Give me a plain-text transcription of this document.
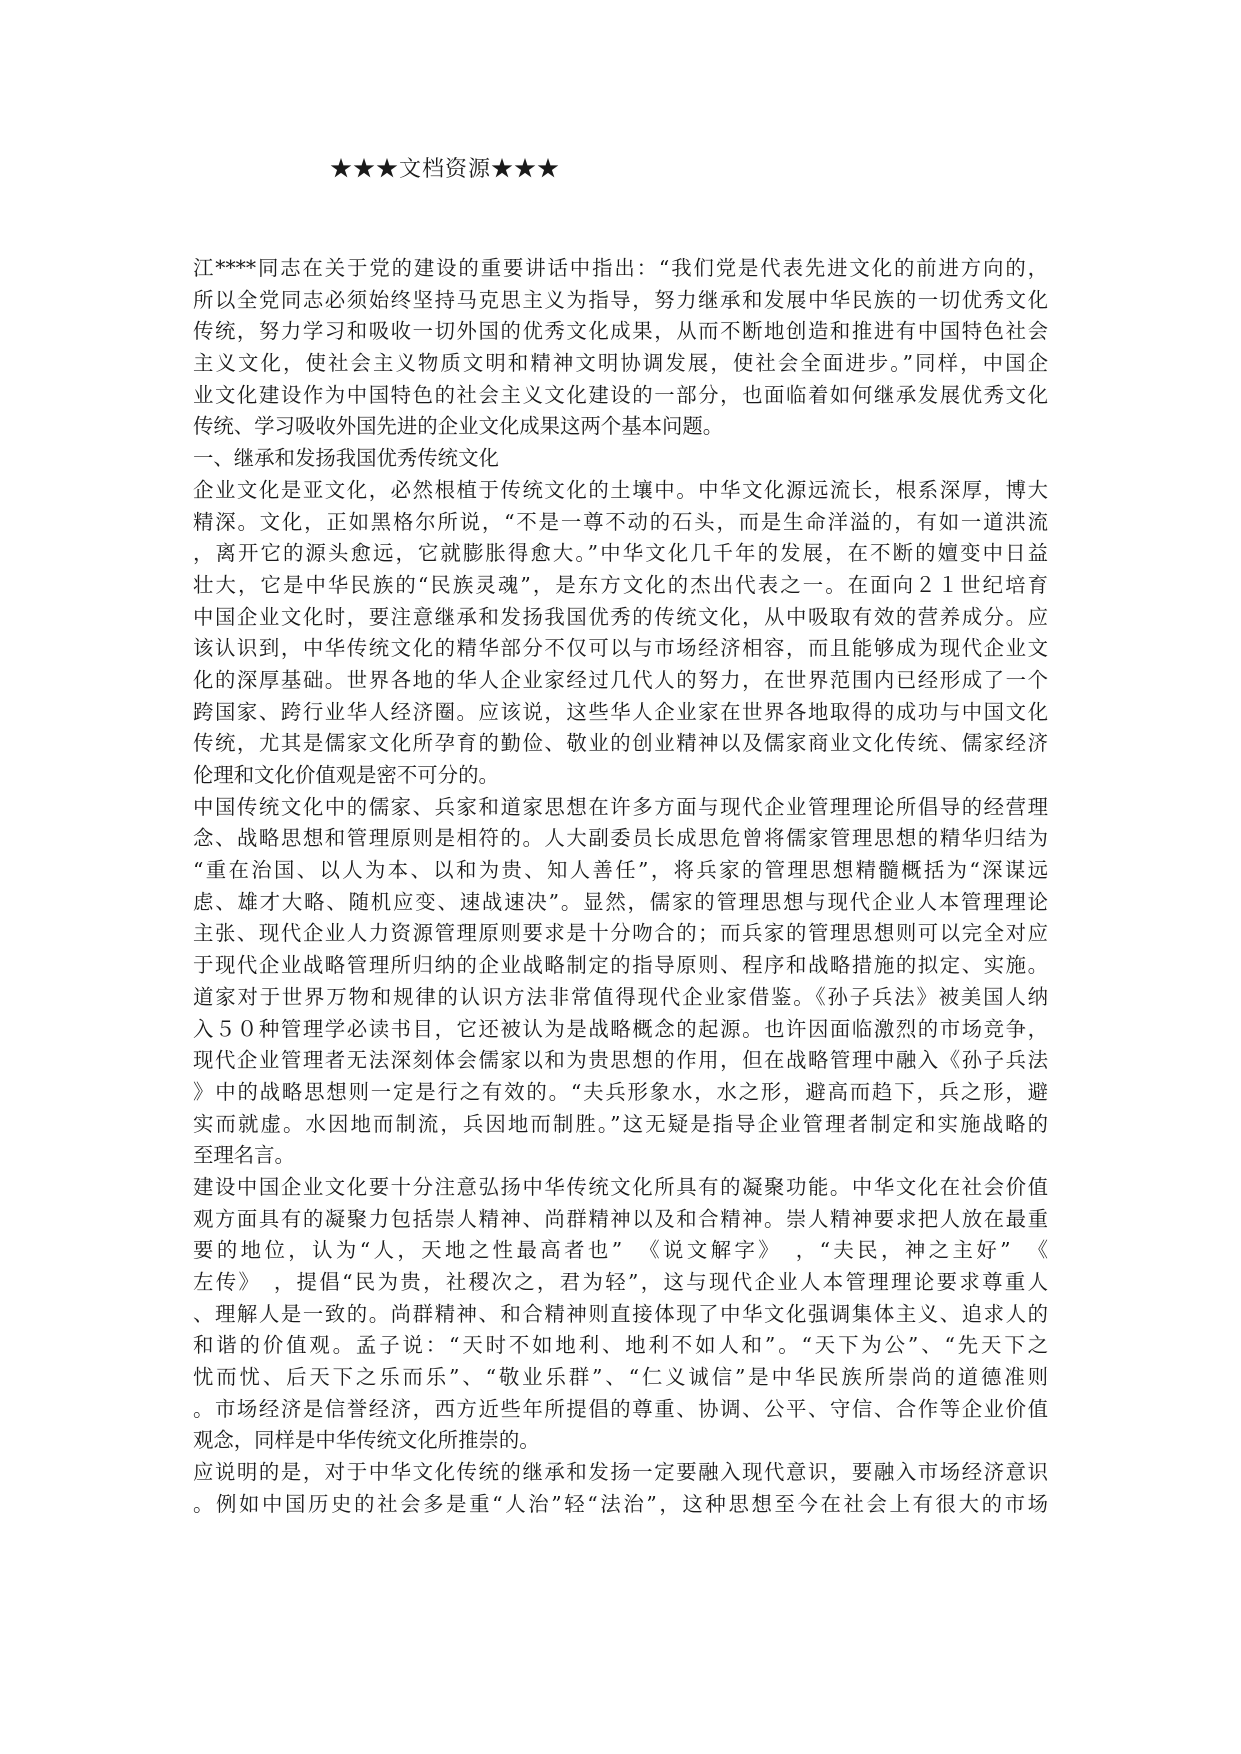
★★★文档资源★★★
江****同志在关于党的建设的重要讲话中指出：“我们党是代表先进文化的前进方向的，
所以全党同志必须始终坚持马克思主义为指导，努力继承和发展中华民族的一切优秀文化
传统，努力学习和吸收一切外国的优秀文化成果，从而不断地创造和推进有中国特色社会
主义文化，使社会主义物质文明和精神文明协调发展，使社会全面进步。”同样，中国企
业文化建设作为中国特色的社会主义文化建设的一部分，也面临着如何继承发展优秀文化
传统、学习吸收外国先进的企业文化成果这两个基本问题。
一、继承和发扬我国优秀传统文化
企业文化是亚文化，必然根植于传统文化的土壤中。中华文化源远流长，根系深厚，博大
精深。文化，正如黑格尔所说，“不是一尊不动的石头，而是生命洋溢的，有如一道洪流
，离开它的源头愈远，它就膨胀得愈大。”中华文化几千年的发展，在不断的嬗变中日益
壮大，它是中华民族的“民族灵魂”，是东方文化的杰出代表之一。在面向２１世纪培育
中国企业文化时，要注意继承和发扬我国优秀的传统文化，从中吸取有效的营养成分。应
该认识到，中华传统文化的精华部分不仅可以与市场经济相容，而且能够成为现代企业文
化的深厚基础。世界各地的华人企业家经过几代人的努力，在世界范围内已经形成了一个
跨国家、跨行业华人经济圈。应该说，这些华人企业家在世界各地取得的成功与中国文化
传统，尤其是儒家文化所孕育的勤俭、敬业的创业精神以及儒家商业文化传统、儒家经济
伦理和文化价值观是密不可分的。
中国传统文化中的儒家、兵家和道家思想在许多方面与现代企业管理理论所倡导的经营理
念、战略思想和管理原则是相符的。人大副委员长成思危曾将儒家管理思想的精华归结为
“重在治国、以人为本、以和为贵、知人善任”，将兵家的管理思想精髓概括为“深谋远
虑、雄才大略、随机应变、速战速决”。显然，儒家的管理思想与现代企业人本管理理论
主张、现代企业人力资源管理原则要求是十分吻合的；而兵家的管理思想则可以完全对应
于现代企业战略管理所归纳的企业战略制定的指导原则、程序和战略措施的拟定、实施。
道家对于世界万物和规律的认识方法非常值得现代企业家借鉴。《孙子兵法》被美国人纳
入５０种管理学必读书目，它还被认为是战略概念的起源。也许因面临激烈的市场竞争，
现代企业管理者无法深刻体会儒家以和为贵思想的作用，但在战略管理中融入《孙子兵法
》中的战略思想则一定是行之有效的。“夫兵形象水，水之形，避高而趋下，兵之形，避
实而就虚。水因地而制流，兵因地而制胜。”这无疑是指导企业管理者制定和实施战略的
至理名言。
建设中国企业文化要十分注意弘扬中华传统文化所具有的凝聚功能。中华文化在社会价值
观方面具有的凝聚力包括崇人精神、尚群精神以及和合精神。崇人精神要求把人放在最重
要的地位，认为“人，天地之性最高者也”　《说文解字》　，“夫民，神之主好”　《
左传》　，提倡“民为贵，社稷次之，君为轻”，这与现代企业人本管理理论要求尊重人
、理解人是一致的。尚群精神、和合精神则直接体现了中华文化强调集体主义、追求人的
和谐的价值观。孟子说：“天时不如地利、地利不如人和”。“天下为公”、“先天下之
忧而忧、后天下之乐而乐”、“敬业乐群”、“仁义诚信”是中华民族所崇尚的道德准则
。市场经济是信誉经济，西方近些年所提倡的尊重、协调、公平、守信、合作等企业价值
观念，同样是中华传统文化所推崇的。
应说明的是，对于中华文化传统的继承和发扬一定要融入现代意识，要融入市场经济意识
。例如中国历史的社会多是重“人治”轻“法治”，这种思想至今在社会上有很大的市场
